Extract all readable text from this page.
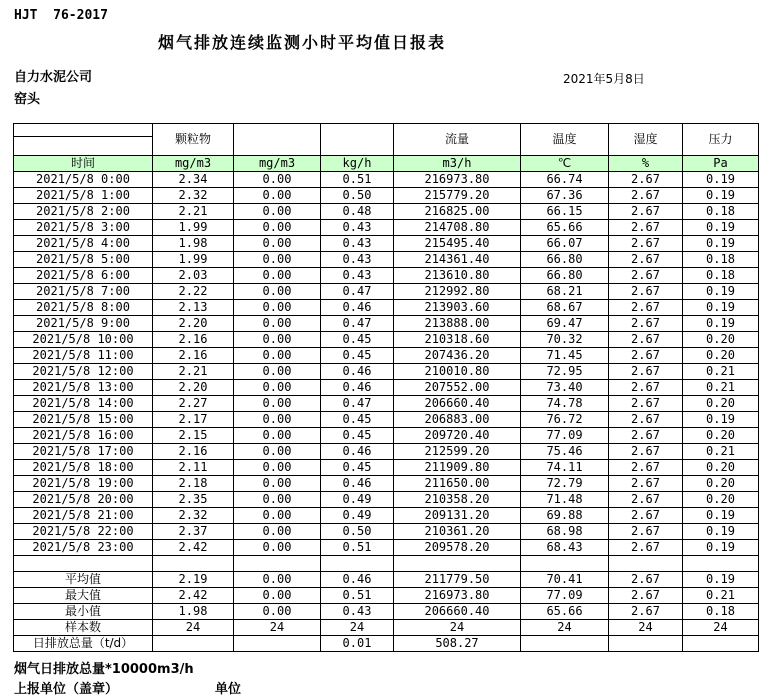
HJT  76-2017
烟气排放连续监测小时平均值日报表
自力水泥公司
窑头
2021年5月8日
	颗粒物			流量	温度	湿度	压力

时间	mg/m3	mg/m3	kg/h	m3/h	℃	%	Pa
2021/5/8 0:00	2.34	0.00	0.51	216973.80	66.74	2.67	0.19
2021/5/8 1:00	2.32	0.00	0.50	215779.20	67.36	2.67	0.19
2021/5/8 2:00	2.21	0.00	0.48	216825.00	66.15	2.67	0.18
2021/5/8 3:00	1.99	0.00	0.43	214708.80	65.66	2.67	0.19
2021/5/8 4:00	1.98	0.00	0.43	215495.40	66.07	2.67	0.19
2021/5/8 5:00	1.99	0.00	0.43	214361.40	66.80	2.67	0.18
2021/5/8 6:00	2.03	0.00	0.43	213610.80	66.80	2.67	0.18
2021/5/8 7:00	2.22	0.00	0.47	212992.80	68.21	2.67	0.19
2021/5/8 8:00	2.13	0.00	0.46	213903.60	68.67	2.67	0.19
2021/5/8 9:00	2.20	0.00	0.47	213888.00	69.47	2.67	0.19
2021/5/8 10:00	2.16	0.00	0.45	210318.60	70.32	2.67	0.20
2021/5/8 11:00	2.16	0.00	0.45	207436.20	71.45	2.67	0.20
2021/5/8 12:00	2.21	0.00	0.46	210010.80	72.95	2.67	0.21
2021/5/8 13:00	2.20	0.00	0.46	207552.00	73.40	2.67	0.21
2021/5/8 14:00	2.27	0.00	0.47	206660.40	74.78	2.67	0.20
2021/5/8 15:00	2.17	0.00	0.45	206883.00	76.72	2.67	0.19
2021/5/8 16:00	2.15	0.00	0.45	209720.40	77.09	2.67	0.20
2021/5/8 17:00	2.16	0.00	0.46	212599.20	75.46	2.67	0.21
2021/5/8 18:00	2.11	0.00	0.45	211909.80	74.11	2.67	0.20
2021/5/8 19:00	2.18	0.00	0.46	211650.00	72.79	2.67	0.20
2021/5/8 20:00	2.35	0.00	0.49	210358.20	71.48	2.67	0.20
2021/5/8 21:00	2.32	0.00	0.49	209131.20	69.88	2.67	0.19
2021/5/8 22:00	2.37	0.00	0.50	210361.20	68.98	2.67	0.19
2021/5/8 23:00	2.42	0.00	0.51	209578.20	68.43	2.67	0.19

平均值	2.19	0.00	0.46	211779.50	70.41	2.67	0.19
最大值	2.42	0.00	0.51	216973.80	77.09	2.67	0.21
最小值	1.98	0.00	0.43	206660.40	65.66	2.67	0.18
样本数	24	24	24	24	24	24	24
日排放总量（t/d）			0.01	508.27			
烟气日排放总量*10000m3/h
上报单位（盖章）	单位
